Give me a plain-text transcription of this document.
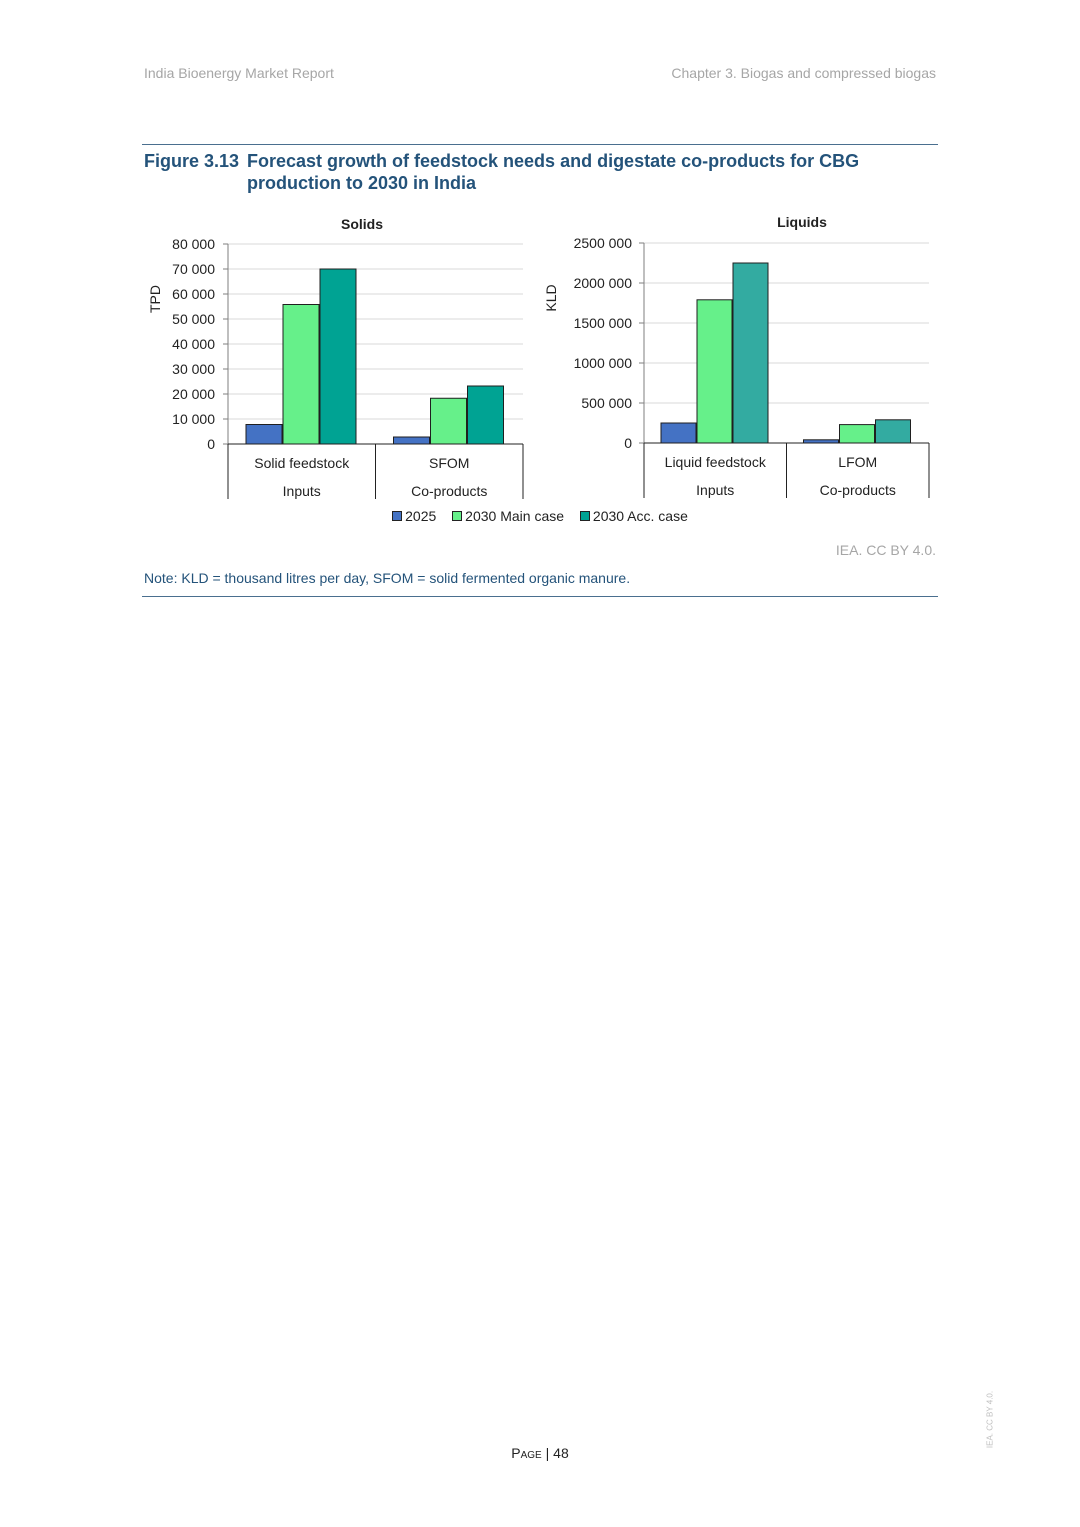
India Bioenergy Market Report	Chapter 3. Biogas and compressed biogas
Figure 3.13 Forecast growth of feedstock needs and digestate co-products for CBG production to 2030 in India
Solids
TPD
0
10 000
20 000
30 000
40 000
50 000
60 000
70 000
80 000
Solid feedstock
Inputs
SFOM
Co-products
Liquids
KLD
0
500 000
1000 000
1500 000
2000 000
2500 000
Liquid feedstock
Inputs
LFOM
Co-products
2025 2030 Main case 2030 Acc. case
IEA. CC BY 4.0.
Note: KLD = thousand litres per day, SFOM = solid fermented organic manure.
Page | 48
IEA. CC BY 4.0.
